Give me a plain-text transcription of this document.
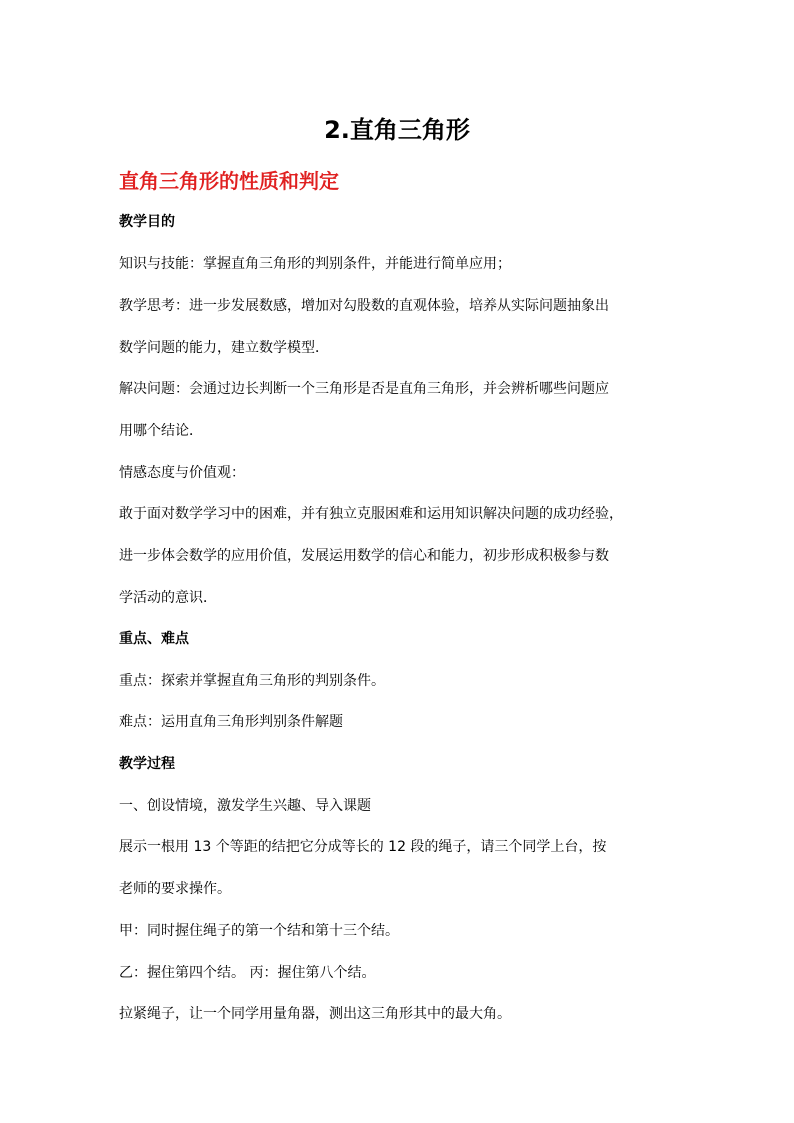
2.直角三角形
直角三角形的性质和判定
教学目的
知识与技能：掌握直角三角形的判别条件，并能进行简单应用；
教学思考：进一步发展数感，增加对勾股数的直观体验，培养从实际问题抽象出
数学问题的能力，建立数学模型．
解决问题：会通过边长判断一个三角形是否是直角三角形，并会辨析哪些问题应
用哪个结论．
情感态度与价值观：
敢于面对数学学习中的困难，并有独立克服困难和运用知识解决问题的成功经验，
进一步体会数学的应用价值，发展运用数学的信心和能力，初步形成积极参与数
学活动的意识．
重点、难点
重点：探索并掌握直角三角形的判别条件。
难点：运用直角三角形判别条件解题
教学过程
一、创设情境，激发学生兴趣、导入课题
展示一根用 13 个等距的结把它分成等长的 12 段的绳子，请三个同学上台，按
老师的要求操作。
甲：同时握住绳子的第一个结和第十三个结。
乙：握住第四个结。 丙：握住第八个结。
拉紧绳子，让一个同学用量角器，测出这三角形其中的最大角。
